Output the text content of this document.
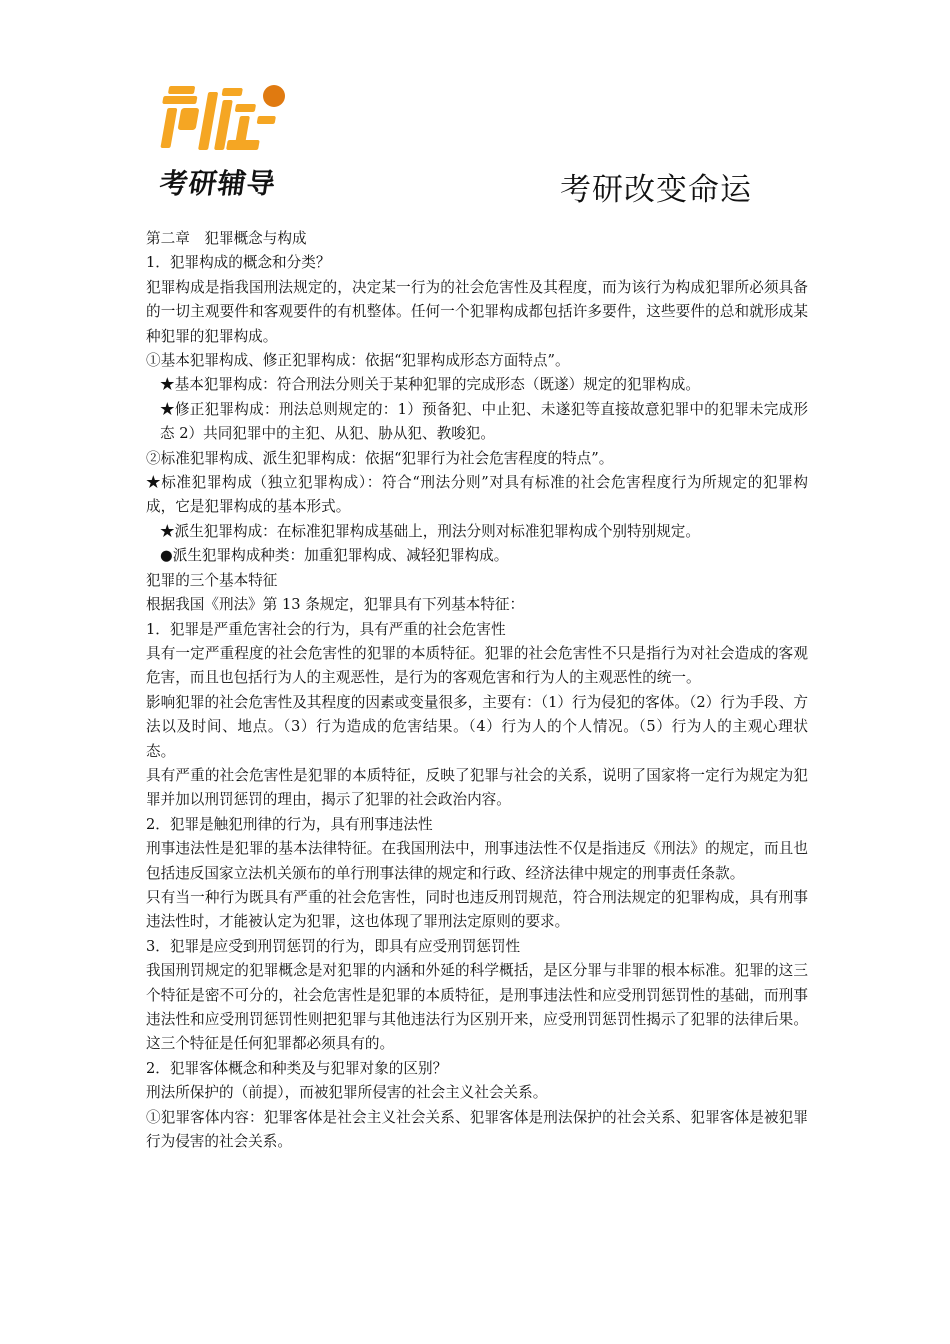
考研辅导	考研改变命运

第二章　犯罪概念与构成

1．犯罪构成的概念和分类？

犯罪构成是指我国刑法规定的，决定某一行为的社会危害性及其程度，而为该行为构成犯罪所必须具备的一切主观要件和客观要件的有机整体。任何一个犯罪构成都包括许多要件，这些要件的总和就形成某种犯罪的犯罪构成。

①基本犯罪构成、修正犯罪构成：依据“犯罪构成形态方面特点”。

★基本犯罪构成：符合刑法分则关于某种犯罪的完成形态（既遂）规定的犯罪构成。

★修正犯罪构成：刑法总则规定的：1）预备犯、中止犯、未遂犯等直接故意犯罪中的犯罪未完成形态 2）共同犯罪中的主犯、从犯、胁从犯、教唆犯。

②标准犯罪构成、派生犯罪构成：依据“犯罪行为社会危害程度的特点”。

★标准犯罪构成（独立犯罪构成）：符合“刑法分则”对具有标准的社会危害程度行为所规定的犯罪构成，它是犯罪构成的基本形式。

★派生犯罪构成：在标准犯罪构成基础上，刑法分则对标准犯罪构成个别特别规定。

●派生犯罪构成种类：加重犯罪构成、减轻犯罪构成。

犯罪的三个基本特征

根据我国《刑法》第 13 条规定，犯罪具有下列基本特征：

1．犯罪是严重危害社会的行为，具有严重的社会危害性

具有一定严重程度的社会危害性的犯罪的本质特征。犯罪的社会危害性不只是指行为对社会造成的客观危害，而且也包括行为人的主观恶性，是行为的客观危害和行为人的主观恶性的统一。

影响犯罪的社会危害性及其程度的因素或变量很多，主要有：（1）行为侵犯的客体。（2）行为手段、方法以及时间、地点。（3）行为造成的危害结果。（4）行为人的个人情况。（5）行为人的主观心理状态。

具有严重的社会危害性是犯罪的本质特征，反映了犯罪与社会的关系，说明了国家将一定行为规定为犯罪并加以刑罚惩罚的理由，揭示了犯罪的社会政治内容。

2．犯罪是触犯刑律的行为，具有刑事违法性

刑事违法性是犯罪的基本法律特征。在我国刑法中，刑事违法性不仅是指违反《刑法》的规定，而且也包括违反国家立法机关颁布的单行刑事法律的规定和行政、经济法律中规定的刑事责任条款。

只有当一种行为既具有严重的社会危害性，同时也违反刑罚规范，符合刑法规定的犯罪构成，具有刑事违法性时，才能被认定为犯罪，这也体现了罪刑法定原则的要求。

3．犯罪是应受到刑罚惩罚的行为，即具有应受刑罚惩罚性

我国刑罚规定的犯罪概念是对犯罪的内涵和外延的科学概括，是区分罪与非罪的根本标准。犯罪的这三个特征是密不可分的，社会危害性是犯罪的本质特征，是刑事违法性和应受刑罚惩罚性的基础，而刑事违法性和应受刑罚惩罚性则把犯罪与其他违法行为区别开来，应受刑罚惩罚性揭示了犯罪的法律后果。这三个特征是任何犯罪都必须具有的。

2．犯罪客体概念和种类及与犯罪对象的区别？

刑法所保护的（前提），而被犯罪所侵害的社会主义社会关系。

①犯罪客体内容：犯罪客体是社会主义社会关系、犯罪客体是刑法保护的社会关系、犯罪客体是被犯罪行为侵害的社会关系。
